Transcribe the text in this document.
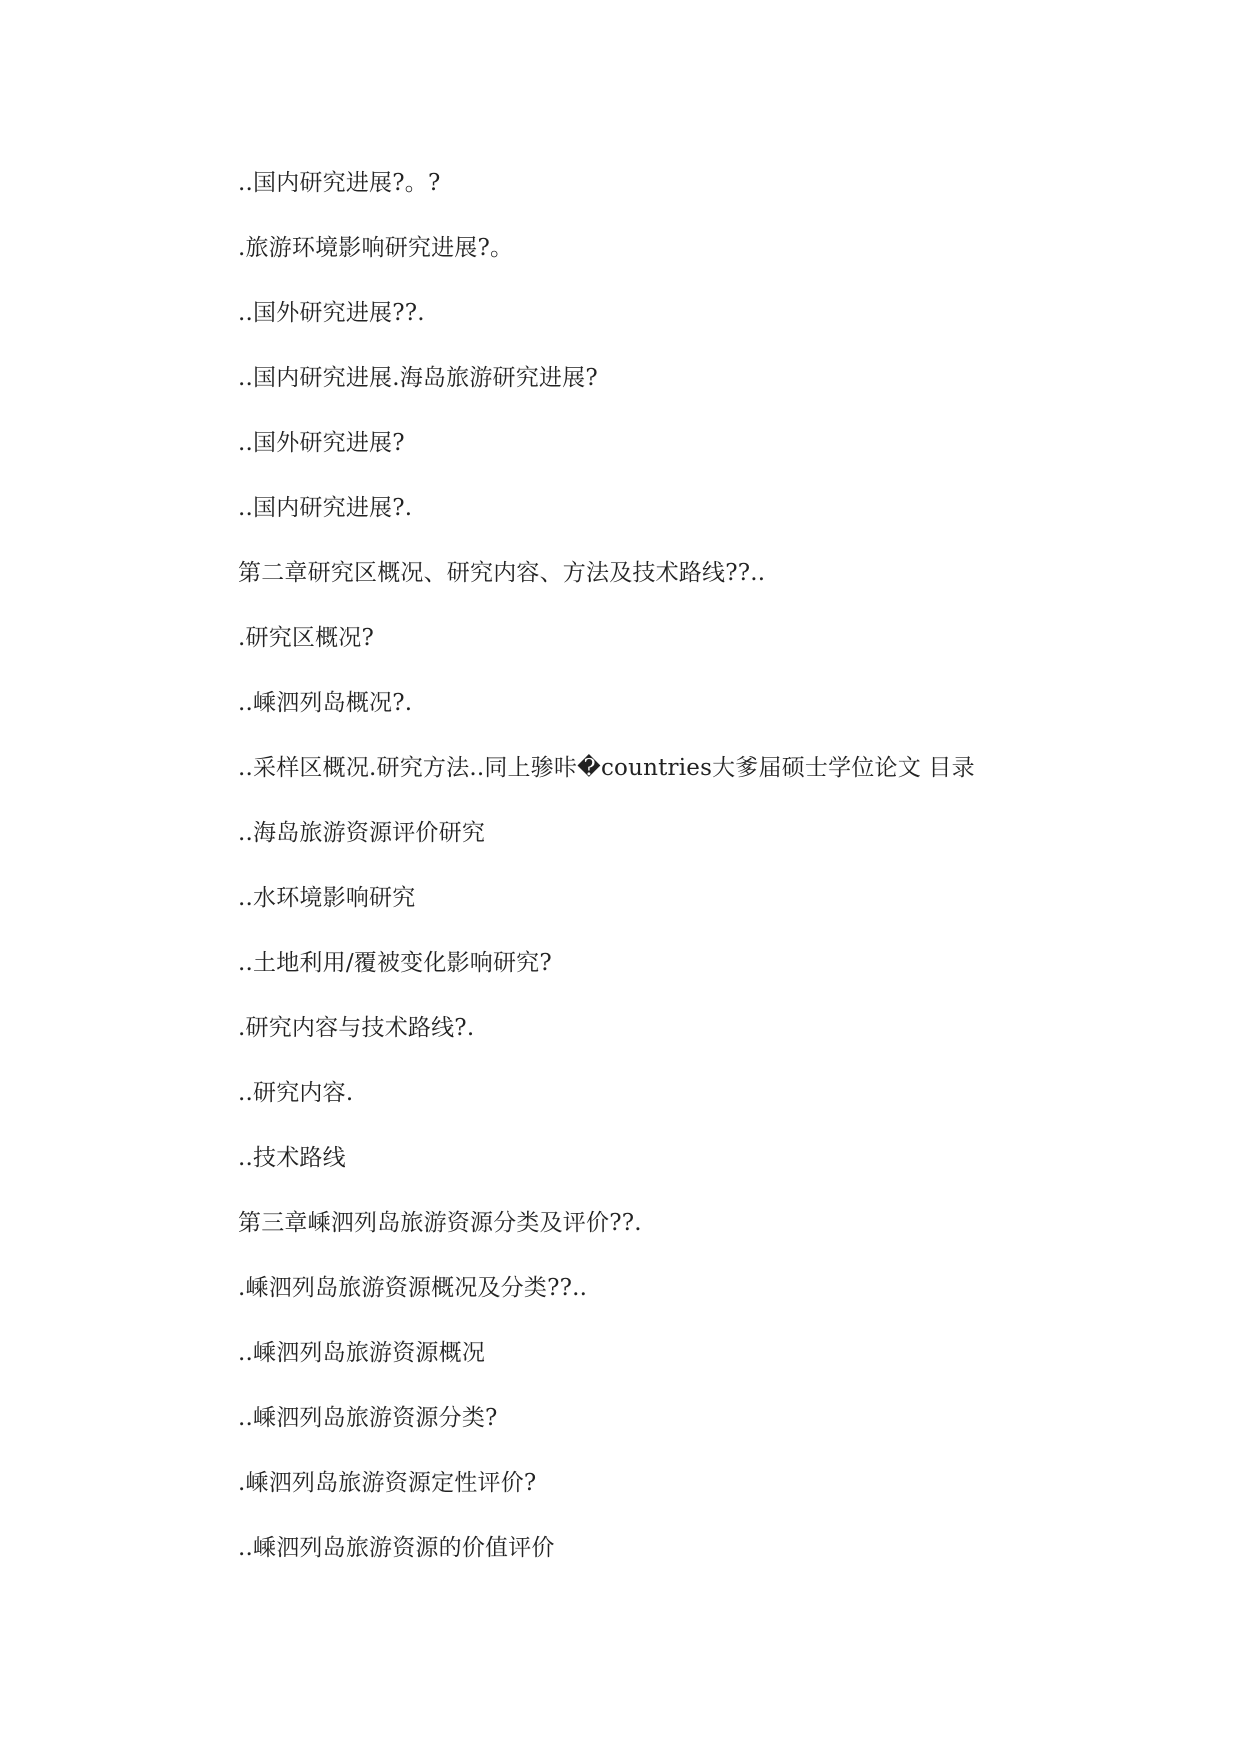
..国内研究进展?。?
.旅游环境影响研究进展?。
..国外研究进展??.
..国内研究进展.海岛旅游研究进展?
..国外研究进展?
..国内研究进展?.
第二章研究区概况、研究内容、方法及技术路线??..
.研究区概况?
..嵊泗列岛概况?.
..采样区概况.研究方法..同上骖咔�countries大爹届硕士学位论文 目录
..海岛旅游资源评价研究
..水环境影响研究
..土地利用/覆被变化影响研究?
.研究内容与技术路线?.
..研究内容.
..技术路线
第三章嵊泗列岛旅游资源分类及评价??.
.嵊泗列岛旅游资源概况及分类??..
..嵊泗列岛旅游资源概况
..嵊泗列岛旅游资源分类?
.嵊泗列岛旅游资源定性评价?
..嵊泗列岛旅游资源的价值评价
